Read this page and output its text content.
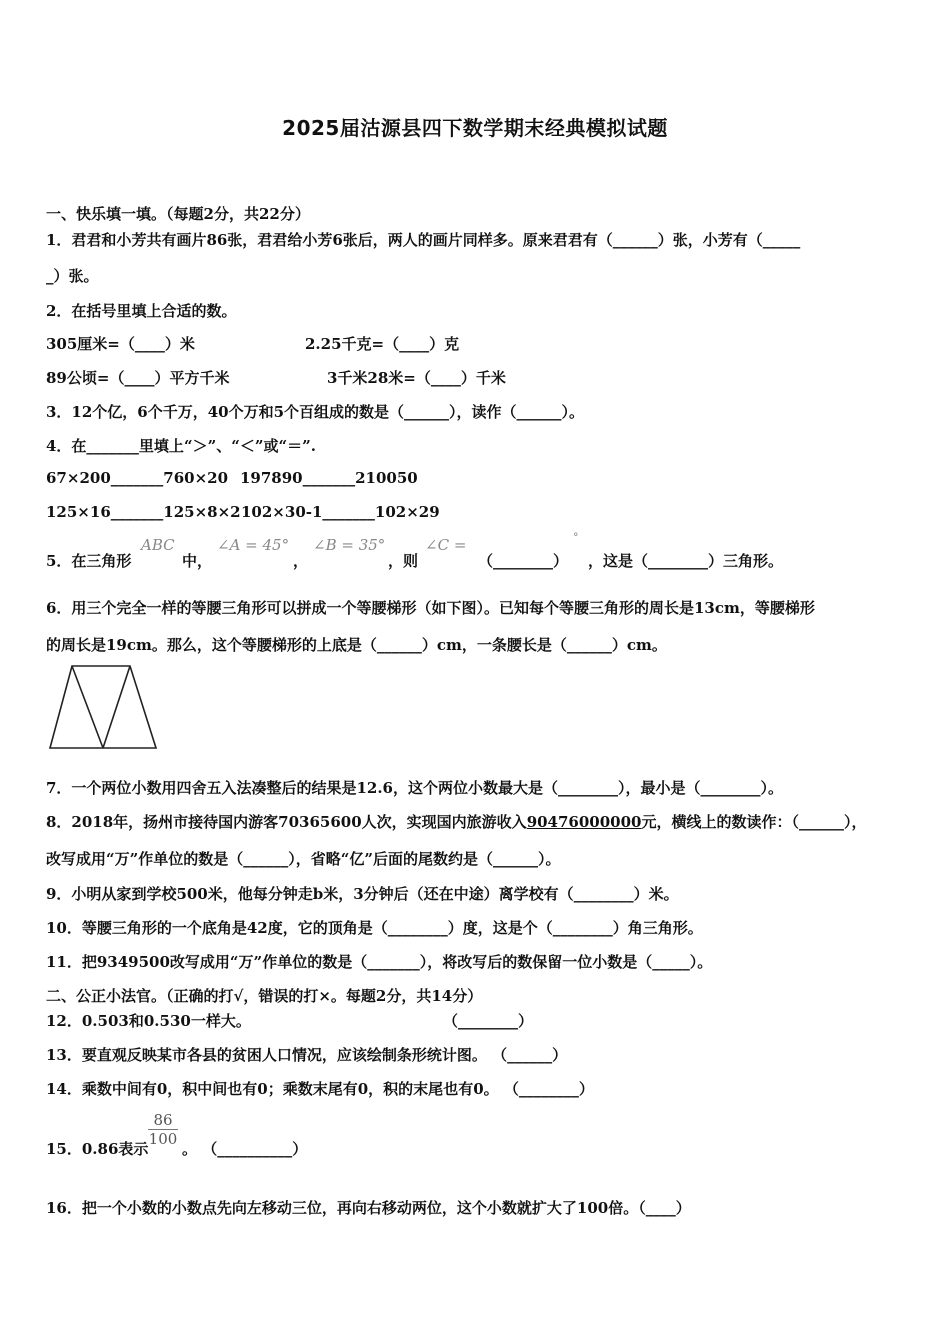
2025届沽源县四下数学期末经典模拟试题
一、快乐填一填。（每题2分，共22分）
1．君君和小芳共有画片86张，君君给小芳6张后，两人的画片同样多。原来君君有（______）张，小芳有（_____
_）张。
2．在括号里填上合适的数。
305厘米=（____）米	2.25千克=（____）克
89公顷=（____）平方千米	3千米28米=（____）千米
3．12个亿，6个千万，40个万和5个百组成的数是（______），读作（______）。
4．在_______里填上“＞”、“＜”或“＝”.
67×200_______760×20 197890_______210050
125×16_______125×8×2 102×30-1_______102×29
5．在三角形
ABC
中，
∠A = 45°
，
∠B = 35°
，则
∠C =
（________）
°
，这是（________）三角形。
6．用三个完全一样的等腰三角形可以拼成一个等腰梯形（如下图）。已知每个等腰三角形的周长是13cm，等腰梯形
的周长是19cm。那么，这个等腰梯形的上底是（______）cm，一条腰长是（______）cm。
7．一个两位小数用四舍五入法凑整后的结果是12.6，这个两位小数最大是（________），最小是（________）。
8．2018年，扬州市接待国内游客70365600人次，实现国内旅游收入90476000000元，横线上的数读作：（______），
改写成用“万”作单位的数是（______），省略“亿”后面的尾数约是（______）。
9．小明从家到学校500米，他每分钟走b米，3分钟后（还在中途）离学校有（________）米。
10．等腰三角形的一个底角是42度，它的顶角是（________）度，这是个（________）角三角形。
11．把9349500改写成用“万”作单位的数是（_______），将改写后的数保留一位小数是（_____）。
二、公正小法官。（正确的打√，错误的打×。每题2分，共14分）
12．0.503和0.530一样大。	（________）
13．要直观反映某市各县的贫困人口情况，应该绘制条形统计图。 （______）
14．乘数中间有0，积中间也有0；乘数末尾有0，积的末尾也有0。 （________）
15．0.86表示
$\frac{86}{100}$
。 （__________）
16．把一个小数的小数点先向左移动三位，再向右移动两位，这个小数就扩大了100倍。（____）
